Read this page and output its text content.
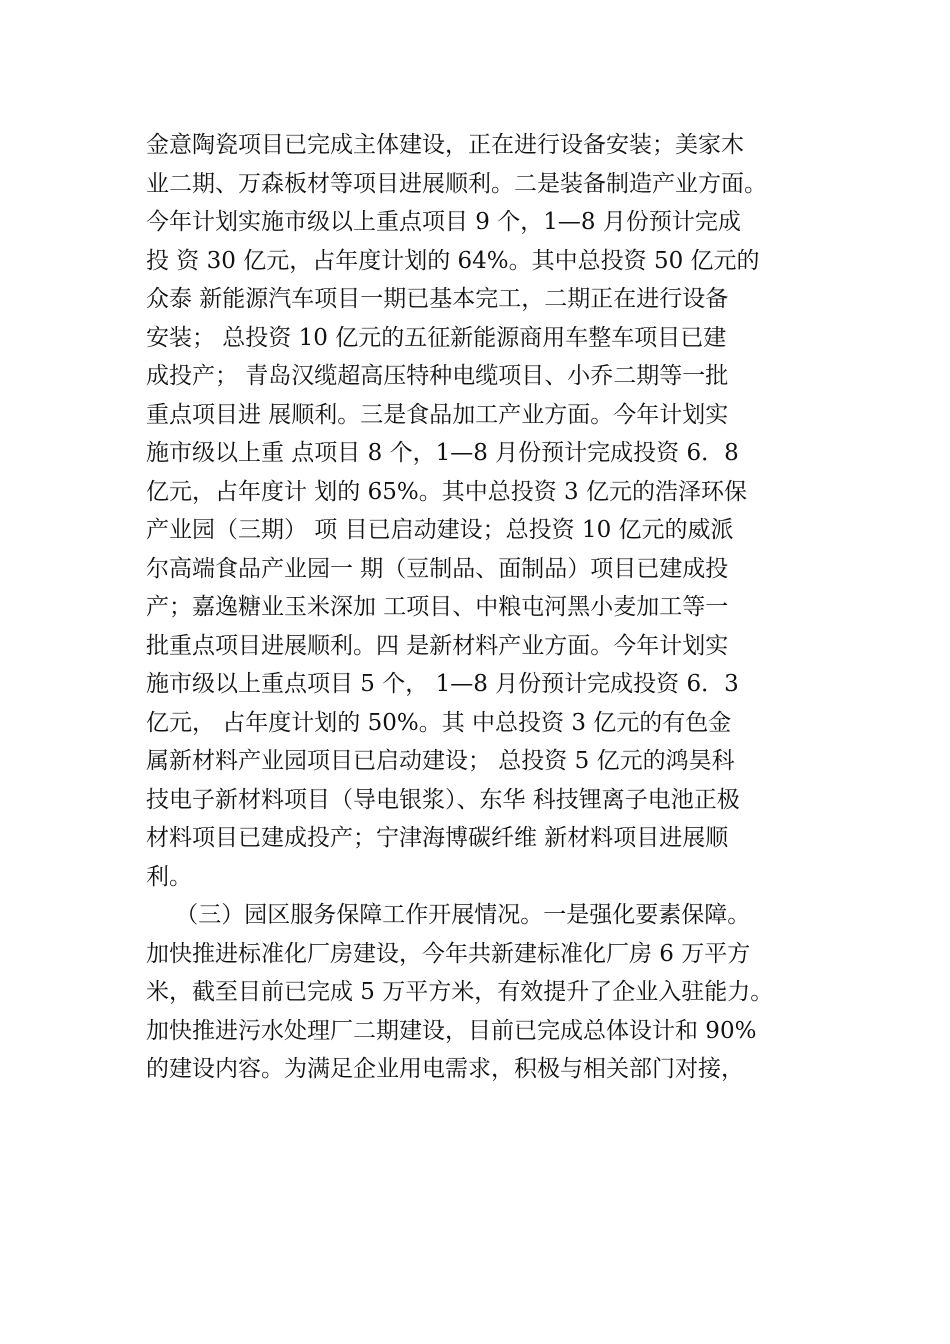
金意陶瓷项目已完成主体建设，正在进行设备安装；美家木
业二期、万森板材等项目进展顺利。二是装备制造产业方面。
今年计划实施市级以上重点项目 9 个，1—8 月份预计完成
投 资 30 亿元，占年度计划的 64%。其中总投资 50 亿元的
众泰 新能源汽车项目一期已基本完工，二期正在进行设备
安装； 总投资 10 亿元的五征新能源商用车整车项目已建
成投产； 青岛汉缆超高压特种电缆项目、小乔二期等一批
重点项目进 展顺利。三是食品加工产业方面。今年计划实
施市级以上重 点项目 8 个，1—8 月份预计完成投资 6．8
亿元，占年度计 划的 65%。其中总投资 3 亿元的浩泽环保
产业园（三期） 项 目已启动建设；总投资 10 亿元的威派
尔高端食品产业园一 期（豆制品、面制品）项目已建成投
产；嘉逸糖业玉米深加 工项目、中粮屯河黑小麦加工等一
批重点项目进展顺利。四 是新材料产业方面。今年计划实
施市级以上重点项目 5 个， 1—8 月份预计完成投资 6．3
亿元， 占年度计划的 50%。其 中总投资 3 亿元的有色金
属新材料产业园项目已启动建设； 总投资 5 亿元的鸿昊科
技电子新材料项目（导电银浆）、东华 科技锂离子电池正极
材料项目已建成投产；宁津海博碳纤维 新材料项目进展顺
利。
（三）园区服务保障工作开展情况。一是强化要素保障。
加快推进标准化厂房建设，今年共新建标准化厂房 6 万平方
米，截至目前已完成 5 万平方米，有效提升了企业入驻能力。
加快推进污水处理厂二期建设，目前已完成总体设计和 90%
的建设内容。为满足企业用电需求，积极与相关部门对接，
